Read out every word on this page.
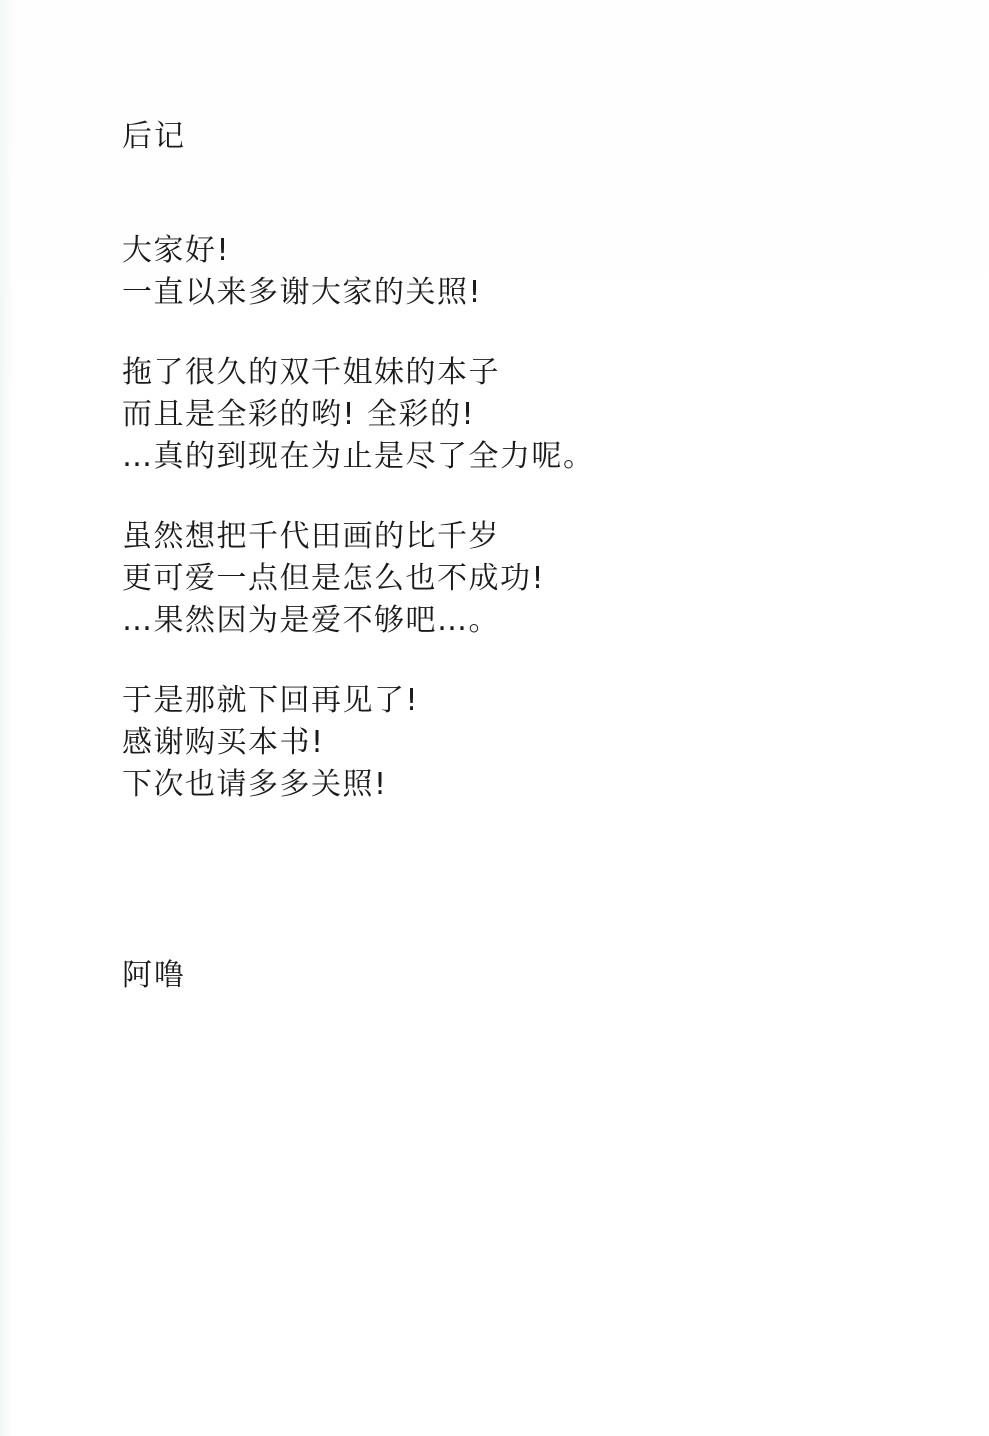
后记
大家好!
一直以来多谢大家的关照!
拖了很久的双千姐妹的本子
而且是全彩的哟! 全彩的!
…真的到现在为止是尽了全力呢。
虽然想把千代田画的比千岁
更可爱一点但是怎么也不成功!
…果然因为是爱不够吧…。
于是那就下回再见了!
感谢购买本书!
下次也请多多关照!
阿噜
